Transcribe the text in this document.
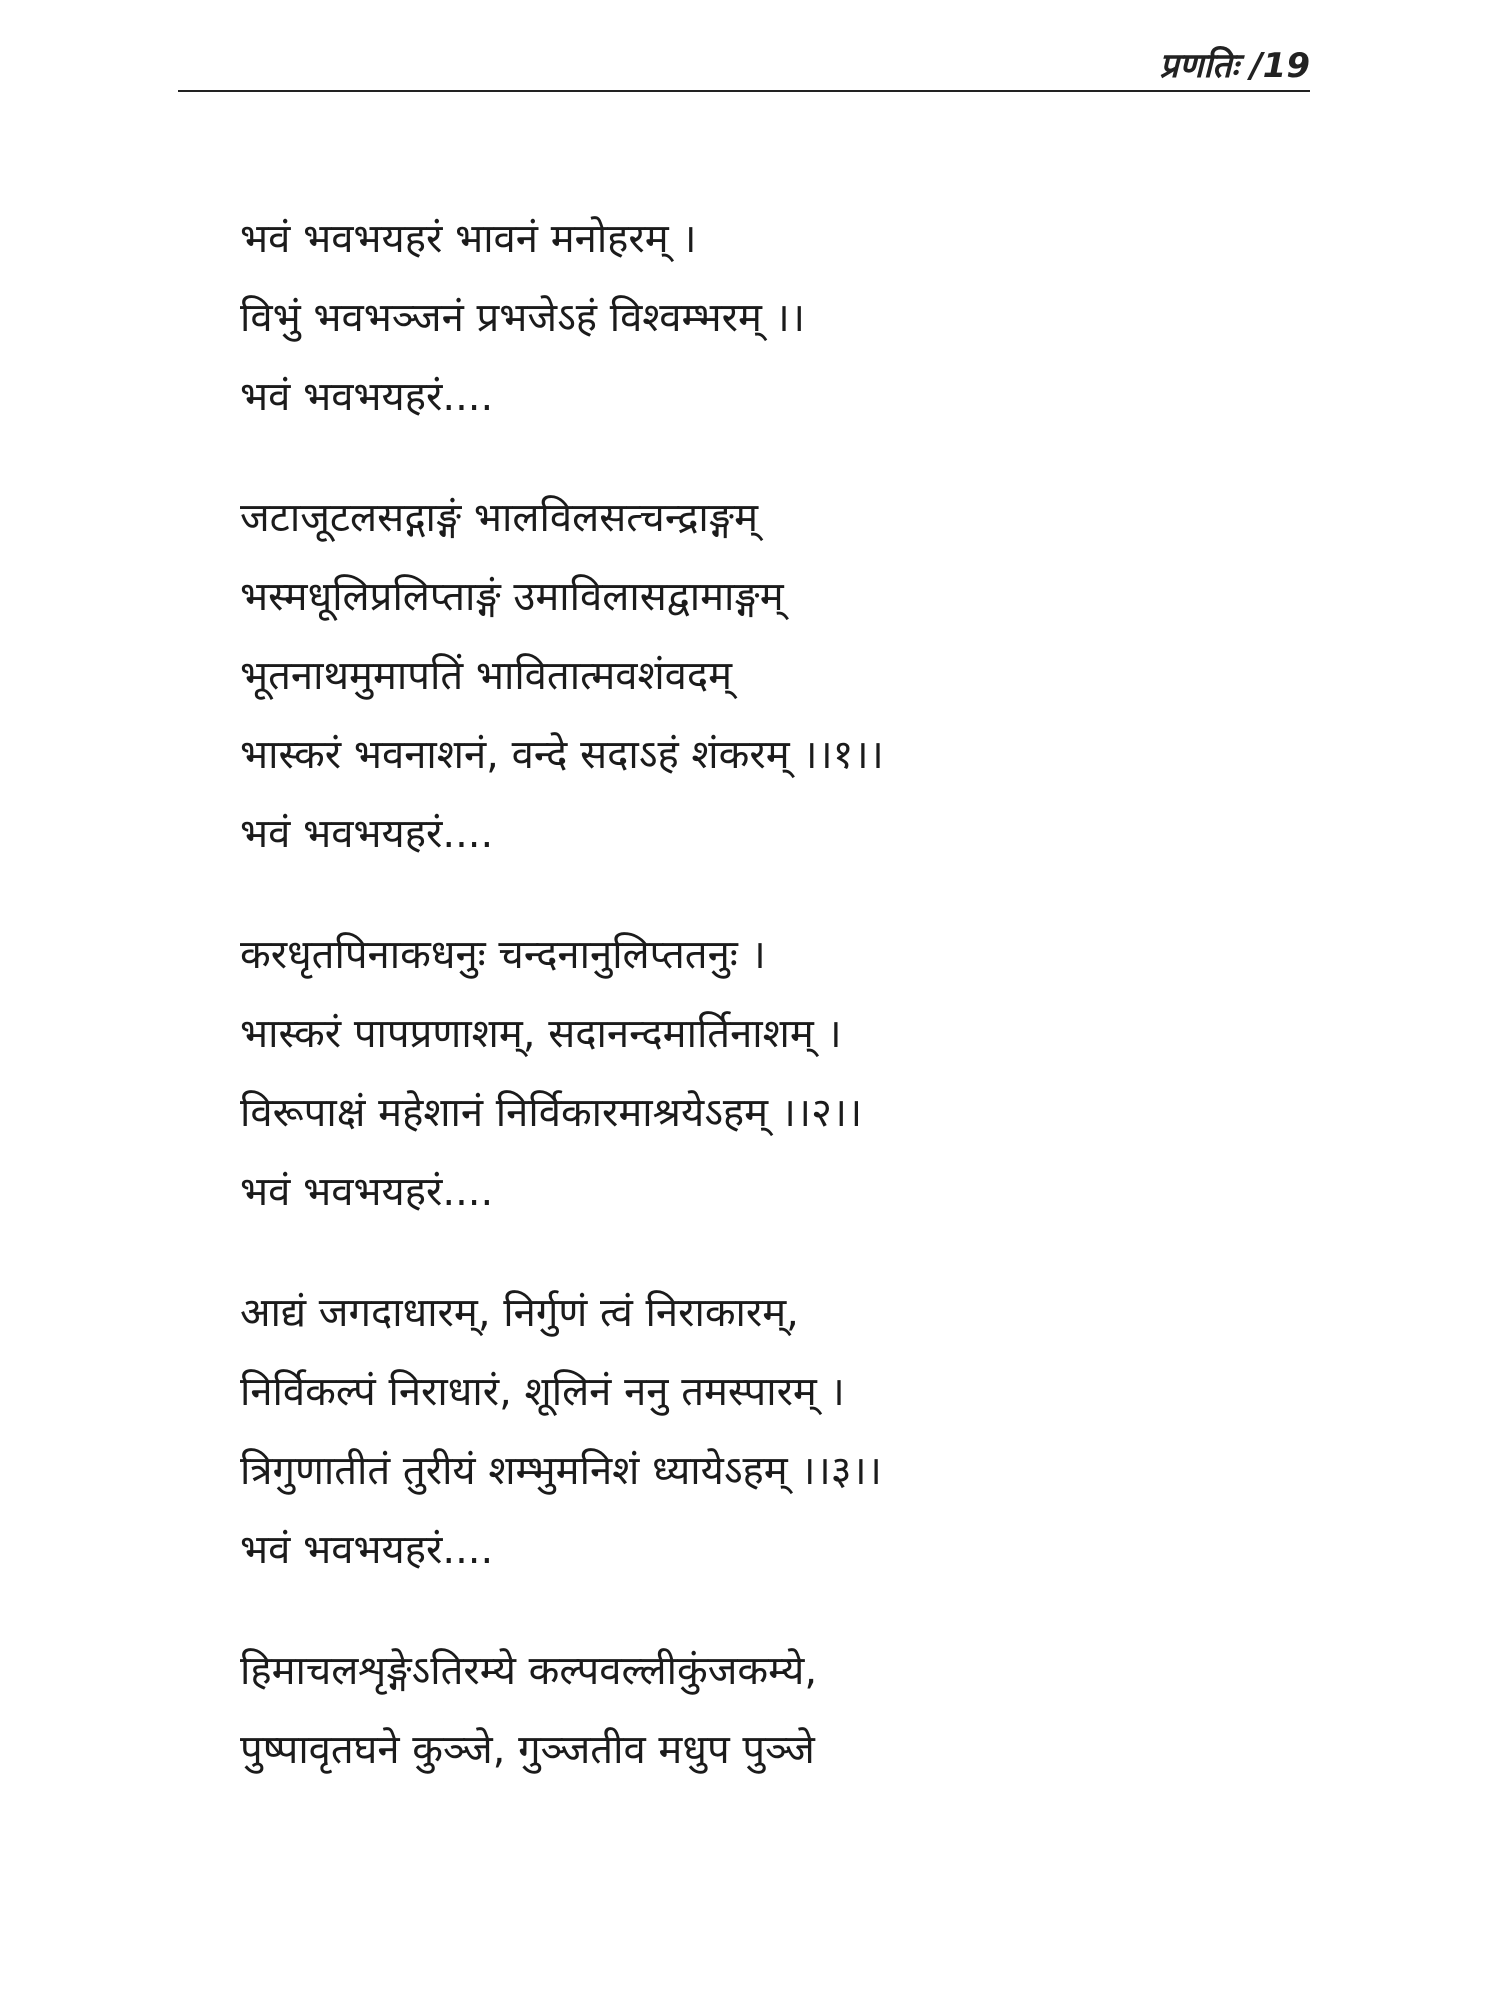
प्रणतिः /19
भवं भवभयहरं भावनं मनोहरम् ।
विभुं भवभञ्जनं प्रभजेऽहं विश्वम्भरम् ।।
भवं भवभयहरं....
जटाजूटलसद्गाङ्गं भालविलसत्चन्द्राङ्गम्
भस्मधूलिप्रलिप्ताङ्गं उमाविलासद्वामाङ्गम्
भूतनाथमुमापतिं भावितात्मवशंवदम्
भास्करं भवनाशनं, वन्दे सदाऽहं शंकरम् ।।१।।
भवं भवभयहरं....
करधृतपिनाकधनुः चन्दनानुलिप्ततनुः ।
भास्करं पापप्रणाशम्, सदानन्दमार्तिनाशम् ।
विरूपाक्षं महेशानं निर्विकारमाश्रयेऽहम् ।।२।।
भवं भवभयहरं....
आद्यं जगदाधारम्, निर्गुणं त्वं निराकारम्,
निर्विकल्पं निराधारं, शूलिनं ननु तमस्पारम् ।
त्रिगुणातीतं तुरीयं शम्भुमनिशं ध्यायेऽहम् ।।३।।
भवं भवभयहरं....
हिमाचलशृङ्गेऽतिरम्ये कल्पवल्लीकुंजकम्ये,
पुष्पावृतघने कुञ्जे, गुञ्जतीव मधुप पुञ्जे
